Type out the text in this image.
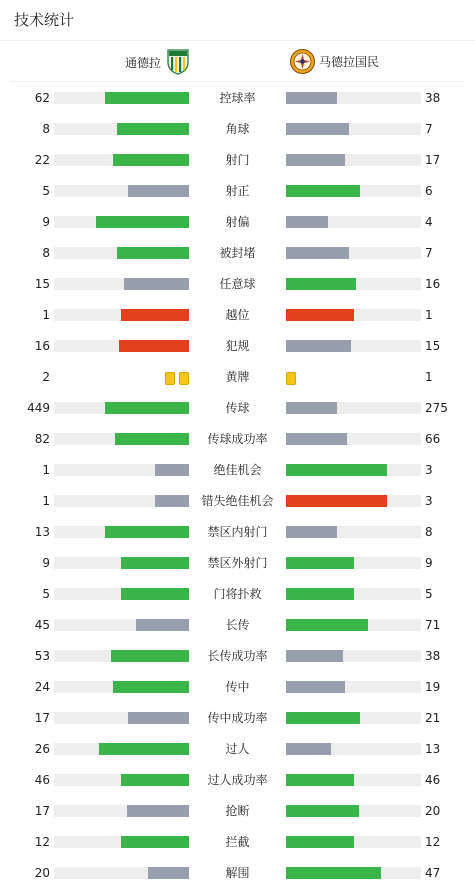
技术统计
通德拉	马德拉国民
62	控球率	38
8	角球	7
22	射门	17
5	射正	6
9	射偏	4
8	被封堵	7
15	任意球	16
1	越位	1
16	犯规	15
2	黄牌	1
449	传球	275
82	传球成功率	66
1	绝佳机会	3
1	错失绝佳机会	3
13	禁区内射门	8
9	禁区外射门	9
5	门将扑救	5
45	长传	71
53	长传成功率	38
24	传中	19
17	传中成功率	21
26	过人	13
46	过人成功率	46
17	抢断	20
12	拦截	12
20	解围	47
